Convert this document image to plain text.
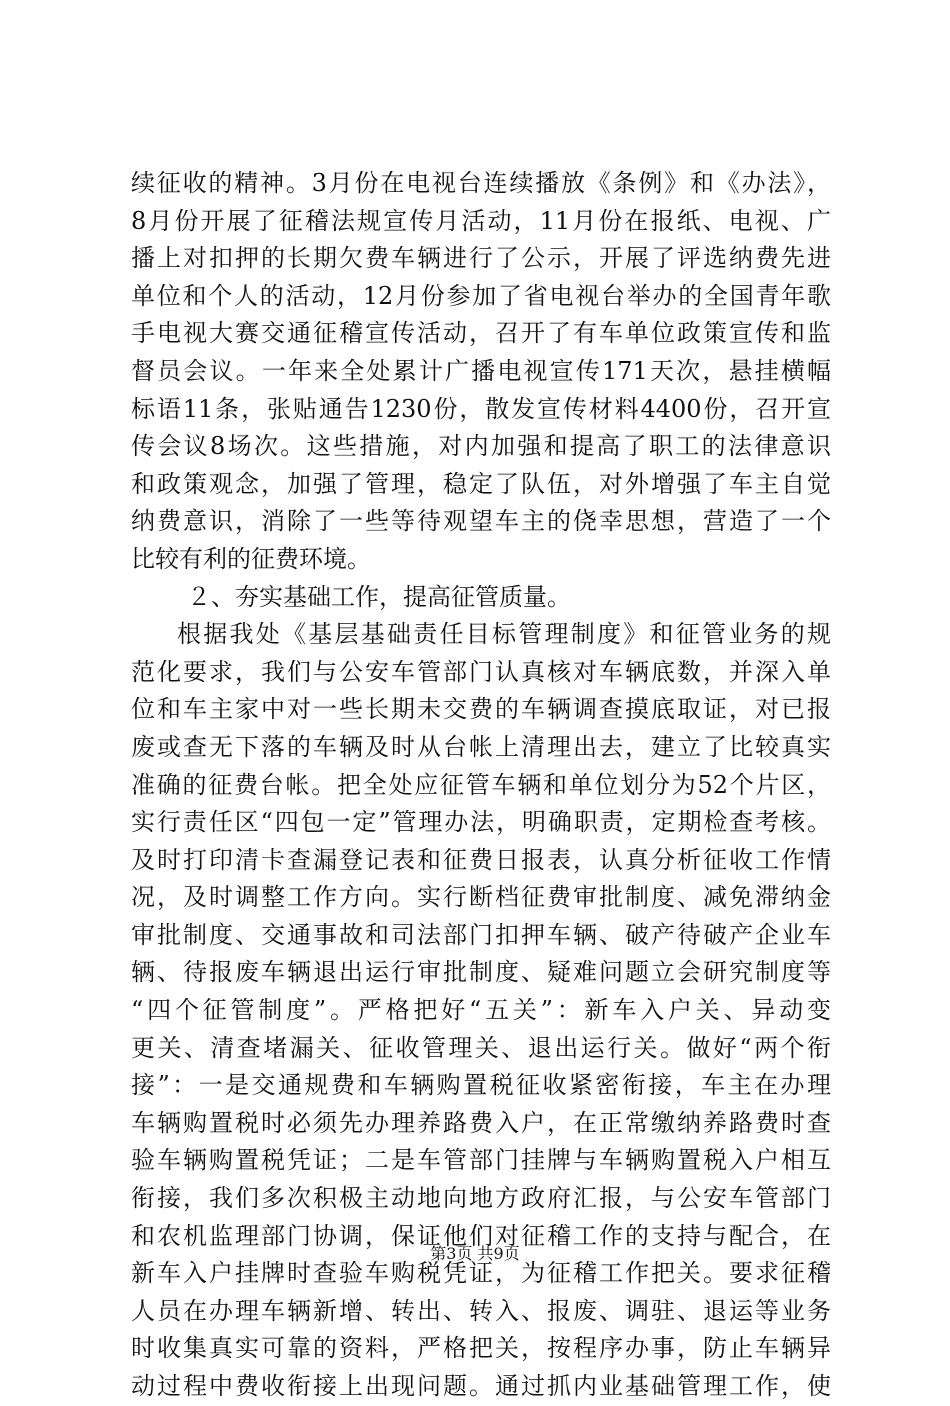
续征收的精神。3月份在电视台连续播放《条例》和《办法》，
8月份开展了征稽法规宣传月活动，11月份在报纸、电视、广
播上对扣押的长期欠费车辆进行了公示，开展了评选纳费先进
单位和个人的活动，12月份参加了省电视台举办的全国青年歌
手电视大赛交通征稽宣传活动，召开了有车单位政策宣传和监
督员会议。一年来全处累计广播电视宣传171天次，悬挂横幅
标语11条，张贴通告1230份，散发宣传材料4400份，召开宣
传会议8场次。这些措施，对内加强和提高了职工的法律意识
和政策观念，加强了管理，稳定了队伍，对外增强了车主自觉
纳费意识，消除了一些等待观望车主的侥幸思想，营造了一个
比较有利的征费环境。
２、夯实基础工作，提高征管质量。
根据我处《基层基础责任目标管理制度》和征管业务的规
范化要求，我们与公安车管部门认真核对车辆底数，并深入单
位和车主家中对一些长期未交费的车辆调查摸底取证，对已报
废或查无下落的车辆及时从台帐上清理出去，建立了比较真实
准确的征费台帐。把全处应征管车辆和单位划分为52个片区，
实行责任区“四包一定”管理办法，明确职责，定期检查考核。
及时打印清卡查漏登记表和征费日报表，认真分析征收工作情
况，及时调整工作方向。实行断档征费审批制度、减免滞纳金
审批制度、交通事故和司法部门扣押车辆、破产待破产企业车
辆、待报废车辆退出运行审批制度、疑难问题立会研究制度等
“四个征管制度”。严格把好“五关”：新车入户关、异动变
更关、清查堵漏关、征收管理关、退出运行关。做好“两个衔
接”：一是交通规费和车辆购置税征收紧密衔接，车主在办理
车辆购置税时必须先办理养路费入户，在正常缴纳养路费时查
验车辆购置税凭证；二是车管部门挂牌与车辆购置税入户相互
衔接，我们多次积极主动地向地方政府汇报，与公安车管部门
和农机监理部门协调，保证他们对征稽工作的支持与配合，在
新车入户挂牌时查验车购税凭证，为征稽工作把关。要求征稽
人员在办理车辆新增、转出、转入、报废、调驻、退运等业务
时收集真实可靠的资料，严格把关，按程序办事，防止车辆异
动过程中费收衔接上出现问题。通过抓内业基础管理工作，使
第3页 共9页
